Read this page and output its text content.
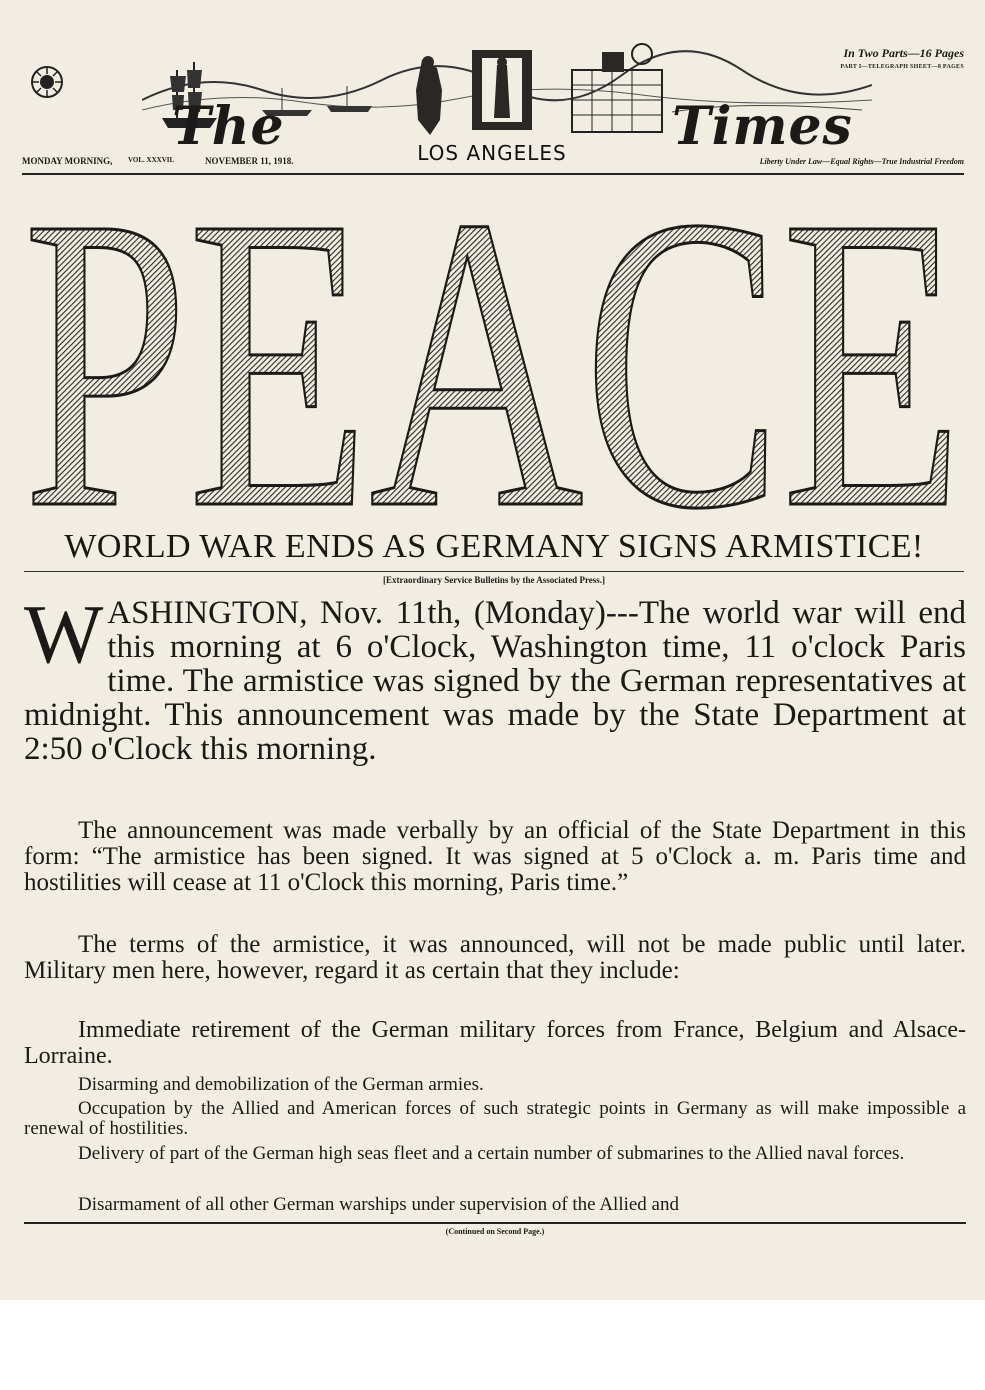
The	Times
LOS ANGELES
In Two Parts—16 Pages
PART I—TELEGRAPH SHEET—8 PAGES
MONDAY MORNING, VOL. XXXVII.	NOVEMBER 11, 1918.	Liberty Under Law—Equal Rights—True Industrial Freedom
PEACE
WORLD WAR ENDS AS GERMANY SIGNS ARMISTICE!
[Extraordinary Service Bulletins by the Associated Press.]
W ASHINGTON, Nov. 11th, (Monday)---The world war will end this morning at 6 o'Clock, Washington time, 11 o'clock Paris time. The armistice was signed by the German representatives at midnight. This announcement was made by the State Department at 2:50 o'Clock this morning.
The announcement was made verbally by an official of the State Department in this form: “The armistice has been signed. It was signed at 5 o'Clock a. m. Paris time and hostilities will cease at 11 o'Clock this morning, Paris time.”
The terms of the armistice, it was announced, will not be made public until later. Military men here, however, regard it as certain that they include:
Immediate retirement of the German military forces from France, Belgium and Alsace-Lorraine.
Disarming and demobilization of the German armies.
Occupation by the Allied and American forces of such strategic points in Germany as will make impossible a renewal of hostilities.
Delivery of part of the German high seas fleet and a certain number of submarines to the Allied naval forces.
Disarmament of all other German warships under supervision of the Allied and
(Continued on Second Page.)
